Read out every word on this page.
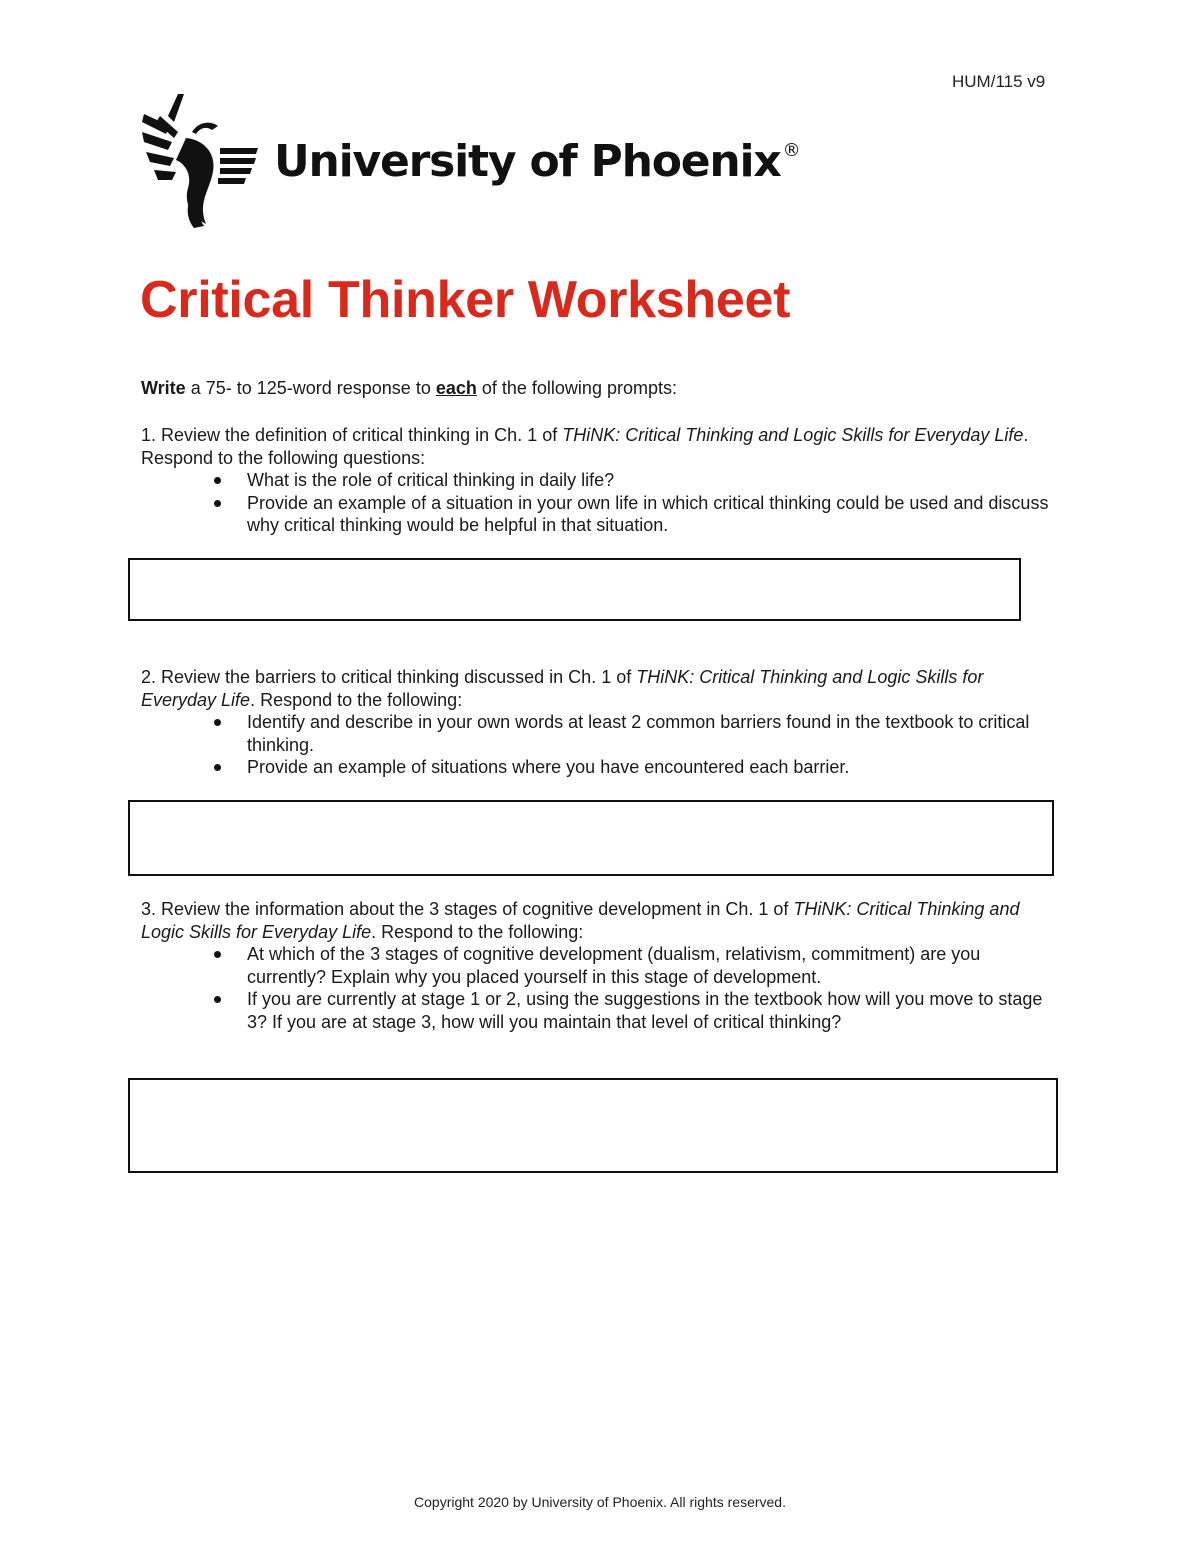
HUM/115 v9
University of Phoenix ®
Critical Thinker Worksheet

Write a 75- to 125-word response to each of the following prompts:

1. Review the definition of critical thinking in Ch. 1 of THiNK: Critical Thinking and Logic Skills for Everyday Life. Respond to the following questions:

What is the role of critical thinking in daily life?
Provide an example of a situation in your own life in which critical thinking could be used and discuss why critical thinking would be helpful in that situation.

2. Review the barriers to critical thinking discussed in Ch. 1 of THiNK: Critical Thinking and Logic Skills for Everyday Life. Respond to the following:

Identify and describe in your own words at least 2 common barriers found in the textbook to critical thinking.
Provide an example of situations where you have encountered each barrier.

3. Review the information about the 3 stages of cognitive development in Ch. 1 of THiNK: Critical Thinking and Logic Skills for Everyday Life. Respond to the following:

At which of the 3 stages of cognitive development (dualism, relativism, commitment) are you currently? Explain why you placed yourself in this stage of development.
If you are currently at stage 1 or 2, using the suggestions in the textbook how will you move to stage 3? If you are at stage 3, how will you maintain that level of critical thinking?
Copyright 2020 by University of Phoenix. All rights reserved.
